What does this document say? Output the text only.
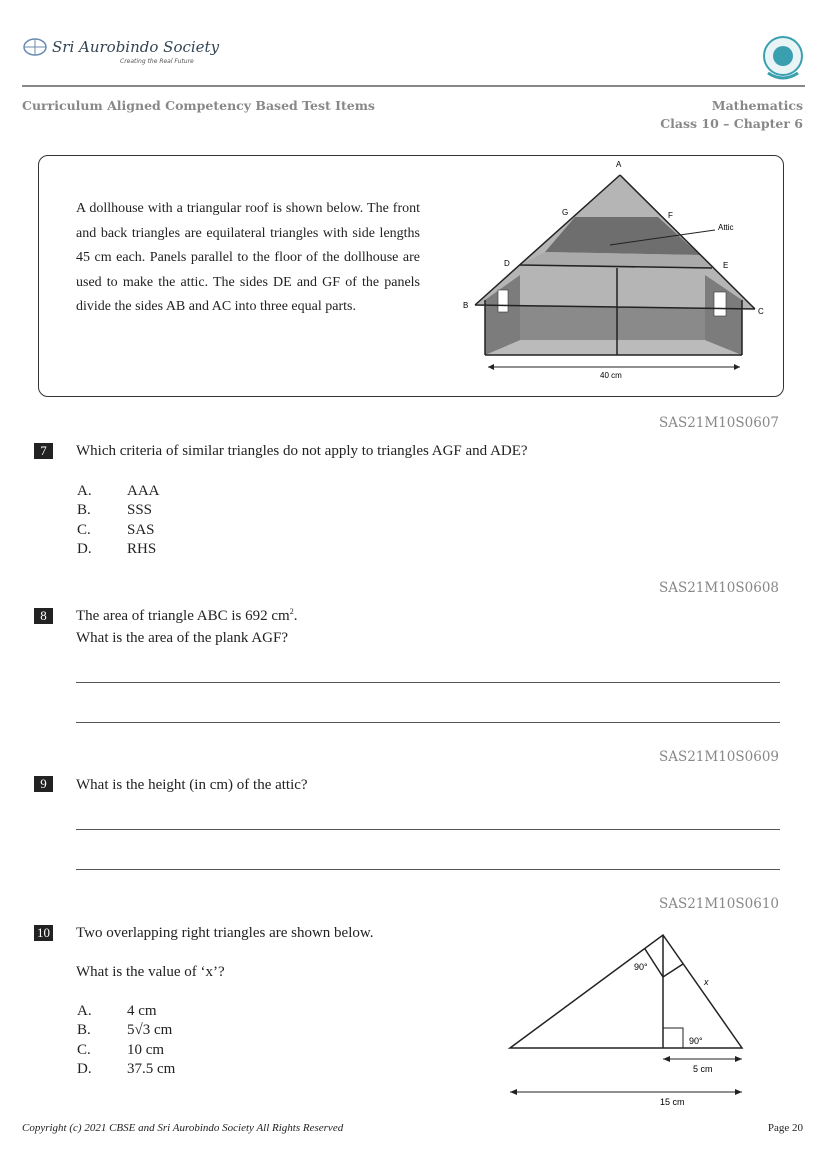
Sri Aurobindo Society
Creating the Real Future
Curriculum Aligned Competency Based Test Items	Mathematics
Class 10 – Chapter 6
A dollhouse with a triangular roof is shown below. The front and back triangles are equilateral triangles with side lengths 45 cm each. Panels parallel to the floor of the dollhouse are used to make the attic. The sides DE and GF of the panels divide the sides AB and AC into three equal parts.
A
G	F
D	E
B
C
Attic
40 cm
SAS21M10S0607
7	Which criteria of similar triangles do not apply to triangles AGF and ADE?
A. AAA
B. SSS
C. SAS
D. RHS
SAS21M10S0608
8	The area of triangle ABC is 692 $cm^2$.
What is the area of the plank AGF?
SAS21M10S0609
9	What is the height (in cm) of the attic?
SAS21M10S0610
10 Two overlapping right triangles are shown below.
What is the value of ‘x’?
A. 4 cm
B. 5√3 cm
C. 10 cm
D. 37.5 cm
90°
90°
x
5 cm
15 cm
Copyright (c) 2021 CBSE and Sri Aurobindo Society All Rights Reserved	Page 20
